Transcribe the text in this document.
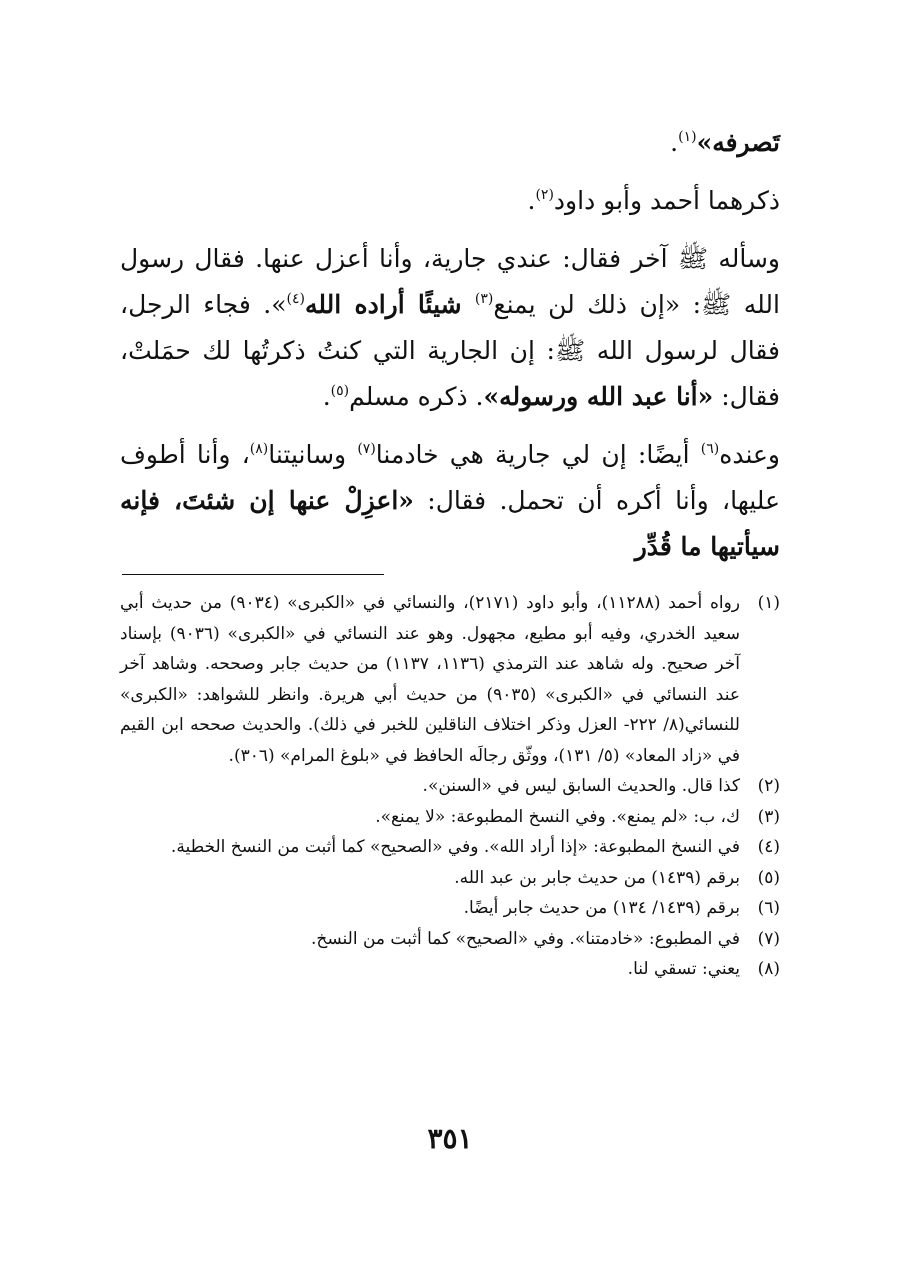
تَصرفه»$^{(١)}$.

ذكرهما أحمد وأبو داود$^{(٢)}$.

وسأله ﷺ آخر فقال: عندي جارية، وأنا أعزل عنها. فقال رسول الله ﷺ: «إن ذلك لن يمنع$^{(٣)}$ شيئًا أراده الله$^{(٤)}$». فجاء الرجل، فقال لرسول الله ﷺ: إن الجارية التي كنتُ ذكرتُها لك حمَلتْ، فقال: «أنا عبد الله ورسوله». ذكره مسلم$^{(٥)}$.

وعنده$^{(٦)}$ أيضًا: إن لي جارية هي خادمنا$^{(٧)}$ وسانيتنا$^{(٨)}$، وأنا أطوف عليها، وأنا أكره أن تحمل. فقال: «اعزِلْ عنها إن شئتَ، فإنه سيأتيها ما قُدِّر

(١)
رواه أحمد (١١٢٨٨)، وأبو داود (٢١٧١)، والنسائي في «الكبرى» (٩٠٣٤) من حديث أبي سعيد الخدري، وفيه أبو مطيع، مجهول. وهو عند النسائي في «الكبرى» (٩٠٣٦) بإسناد آخر صحيح. وله شاهد عند الترمذي (١١٣٦، ١١٣٧) من حديث جابر وصححه. وشاهد آخر عند النسائي في «الكبرى» (٩٠٣٥) من حديث أبي هريرة. وانظر للشواهد: «الكبرى» للنسائي(٨/ ٢٢٢- العزل وذكر اختلاف الناقلين للخبر في ذلك). والحديث صححه ابن القيم في «زاد المعاد» (٥/ ١٣١)، ووثّق رجالَه الحافظ في «بلوغ المرام» (٣٠٦).
(٢)
كذا قال. والحديث السابق ليس في «السنن».
(٣)
ك، ب: «لم يمنع». وفي النسخ المطبوعة: «لا يمنع».
(٤)
في النسخ المطبوعة: «إذا أراد الله». وفي «الصحيح» كما أثبت من النسخ الخطية.
(٥)
برقم (١٤٣٩) من حديث جابر بن عبد الله.
(٦)
برقم (١٤٣٩/ ١٣٤) من حديث جابر أيضًا.
(٧)
في المطبوع: «خادمتنا». وفي «الصحيح» كما أثبت من النسخ.
(٨)
يعني: تسقي لنا.
٣٥١
